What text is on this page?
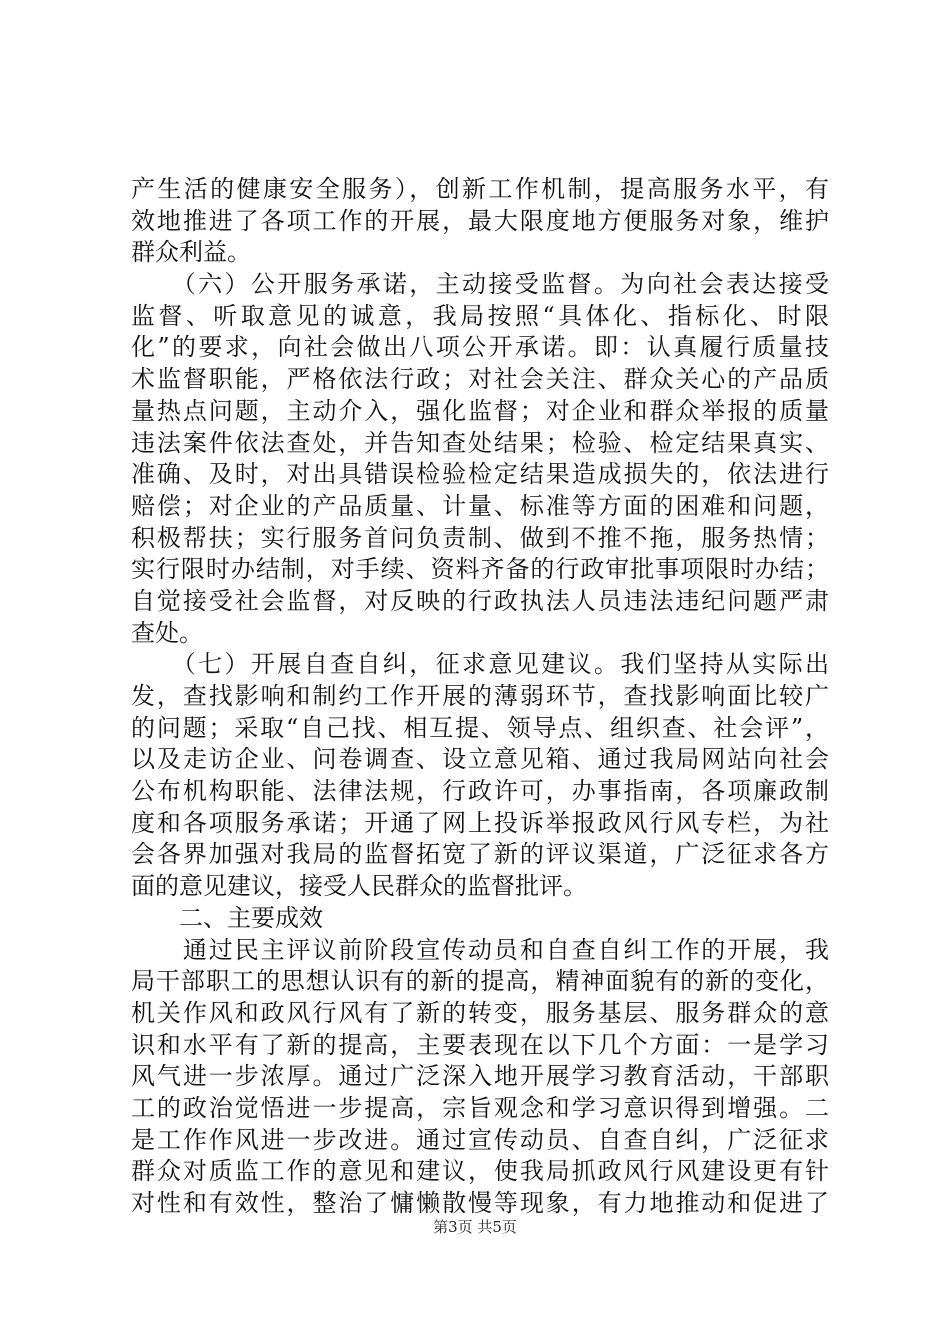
产生活的健康安全服务），创新工作机制，提高服务水平，有
效地推进了各项工作的开展，最大限度地方便服务对象，维护
群众利益。
　　（六）公开服务承诺，主动接受监督。为向社会表达接受
监督、听取意见的诚意，我局按照“具体化、指标化、时限
化”的要求，向社会做出八项公开承诺。即：认真履行质量技
术监督职能，严格依法行政；对社会关注、群众关心的产品质
量热点问题，主动介入，强化监督；对企业和群众举报的质量
违法案件依法查处，并告知查处结果；检验、检定结果真实、
准确、及时，对出具错误检验检定结果造成损失的，依法进行
赔偿；对企业的产品质量、计量、标准等方面的困难和问题，
积极帮扶；实行服务首问负责制、做到不推不拖，服务热情；
实行限时办结制，对手续、资料齐备的行政审批事项限时办结；
自觉接受社会监督，对反映的行政执法人员违法违纪问题严肃
查处。
　　（七）开展自查自纠，征求意见建议。我们坚持从实际出
发，查找影响和制约工作开展的薄弱环节，查找影响面比较广
的问题；采取“自己找、相互提、领导点、组织查、社会评”，
以及走访企业、问卷调查、设立意见箱、通过我局网站向社会
公布机构职能、法律法规，行政许可，办事指南，各项廉政制
度和各项服务承诺；开通了网上投诉举报政风行风专栏，为社
会各界加强对我局的监督拓宽了新的评议渠道，广泛征求各方
面的意见建议，接受人民群众的监督批评。
　　二、主要成效
　　通过民主评议前阶段宣传动员和自查自纠工作的开展，我
局干部职工的思想认识有的新的提高，精神面貌有的新的变化，
机关作风和政风行风有了新的转变，服务基层、服务群众的意
识和水平有了新的提高，主要表现在以下几个方面：一是学习
风气进一步浓厚。通过广泛深入地开展学习教育活动，干部职
工的政治觉悟进一步提高，宗旨观念和学习意识得到增强。二
是工作作风进一步改进。通过宣传动员、自查自纠，广泛征求
群众对质监工作的意见和建议，使我局抓政风行风建设更有针
对性和有效性，整治了慵懒散慢等现象，有力地推动和促进了
第3页 共5页
